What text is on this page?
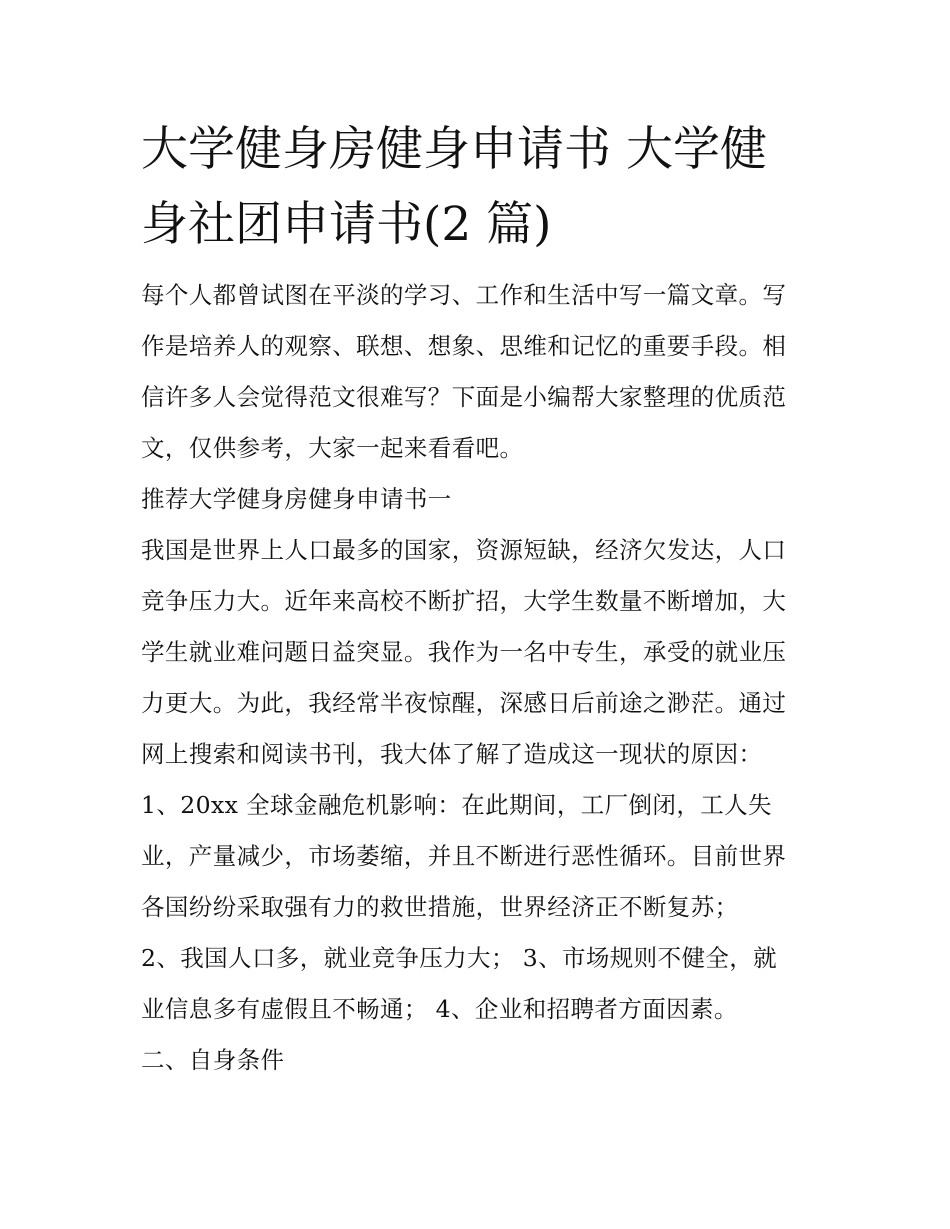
大学健身房健身申请书 大学健
身社团申请书(2 篇)

每个人都曾试图在平淡的学习、工作和生活中写一篇文章。写
作是培养人的观察、联想、想象、思维和记忆的重要手段。相
信许多人会觉得范文很难写？下面是小编帮大家整理的优质范
文，仅供参考，大家一起来看看吧。

推荐大学健身房健身申请书一

我国是世界上人口最多的国家，资源短缺，经济欠发达，人口
竞争压力大。近年来高校不断扩招，大学生数量不断增加，大
学生就业难问题日益突显。我作为一名中专生，承受的就业压
力更大。为此，我经常半夜惊醒，深感日后前途之渺茫。通过
网上搜索和阅读书刊，我大体了解了造成这一现状的原因：

1、20xx 全球金融危机影响：在此期间，工厂倒闭，工人失
业，产量减少，市场萎缩，并且不断进行恶性循环。目前世界
各国纷纷采取强有力的救世措施，世界经济正不断复苏；

2、我国人口多，就业竞争压力大； 3、市场规则不健全，就
业信息多有虚假且不畅通； 4、企业和招聘者方面因素。

二、自身条件
